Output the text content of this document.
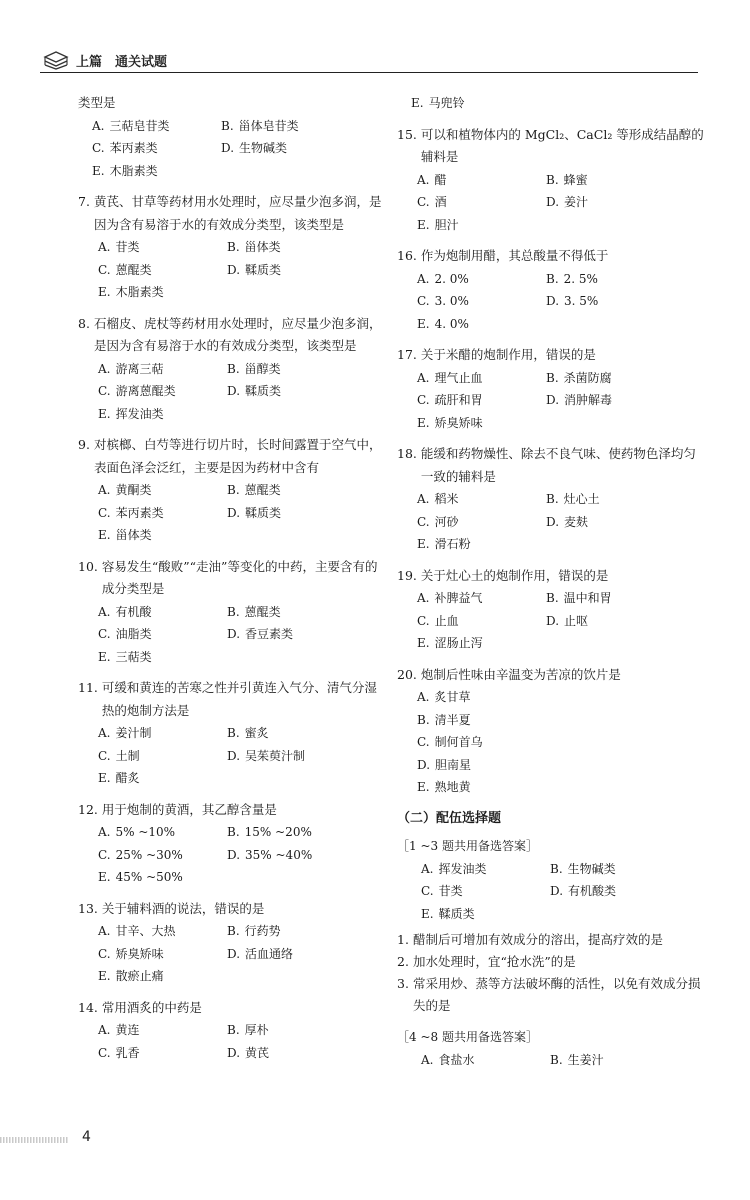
上篇　通关试题
类型是
A. 三萜皂苷类	B. 甾体皂苷类
C. 苯丙素类	D. 生物碱类
E. 木脂素类
7. 黄芪、甘草等药材用水处理时，应尽量少泡多润，是因为含有易溶于水的有效成分类型，该类型是
A. 苷类	B. 甾体类
C. 蒽醌类	D. 鞣质类
E. 木脂素类
8. 石榴皮、虎杖等药材用水处理时，应尽量少泡多润，是因为含有易溶于水的有效成分类型，该类型是
A. 游离三萜	B. 甾醇类
C. 游离蒽醌类	D. 鞣质类
E. 挥发油类
9. 对槟榔、白芍等进行切片时，长时间露置于空气中，表面色泽会泛红，主要是因为药材中含有
A. 黄酮类	B. 蒽醌类
C. 苯丙素类	D. 鞣质类
E. 甾体类
10. 容易发生“酸败”“走油”等变化的中药，主要含有的成分类型是
A. 有机酸	B. 蒽醌类
C. 油脂类	D. 香豆素类
E. 三萜类
11. 可缓和黄连的苦寒之性并引黄连入气分、清气分湿热的炮制方法是
A. 姜汁制	B. 蜜炙
C. 土制	D. 吴茱萸汁制
E. 醋炙
12. 用于炮制的黄酒，其乙醇含量是
A. 5% ~10%	B. 15% ~20%
C. 25% ~30%	D. 35% ~40%
E. 45% ~50%
13. 关于辅料酒的说法，错误的是
A. 甘辛、大热	B. 行药势
C. 矫臭矫味	D. 活血通络
E. 散瘀止痛
14. 常用酒炙的中药是
A. 黄连	B. 厚朴
C. 乳香	D. 黄芪
E. 马兜铃
15. 可以和植物体内的 MgCl₂、CaCl₂ 等形成结晶醇的辅料是
A. 醋	B. 蜂蜜
C. 酒	D. 姜汁
E. 胆汁
16. 作为炮制用醋，其总酸量不得低于
A. 2. 0%	B. 2. 5%
C. 3. 0%	D. 3. 5%
E. 4. 0%
17. 关于米醋的炮制作用，错误的是
A. 理气止血	B. 杀菌防腐
C. 疏肝和胃	D. 消肿解毒
E. 矫臭矫味
18. 能缓和药物燥性、除去不良气味、使药物色泽均匀一致的辅料是
A. 稻米	B. 灶心土
C. 河砂	D. 麦麸
E. 滑石粉
19. 关于灶心土的炮制作用，错误的是
A. 补脾益气	B. 温中和胃
C. 止血	D. 止呕
E. 涩肠止泻
20. 炮制后性味由辛温变为苦凉的饮片是
A. 炙甘草
B. 清半夏
C. 制何首乌
D. 胆南星
E. 熟地黄
（二）配伍选择题
［1 ~3 题共用备选答案］
A. 挥发油类	B. 生物碱类
C. 苷类	D. 有机酸类
E. 鞣质类
1. 醋制后可增加有效成分的溶出，提高疗效的是
2. 加水处理时，宜“抢水洗”的是
3. 常采用炒、蒸等方法破坏酶的活性，以免有效成分损失的是
［4 ~8 题共用备选答案］
A. 食盐水	B. 生姜汁
4
